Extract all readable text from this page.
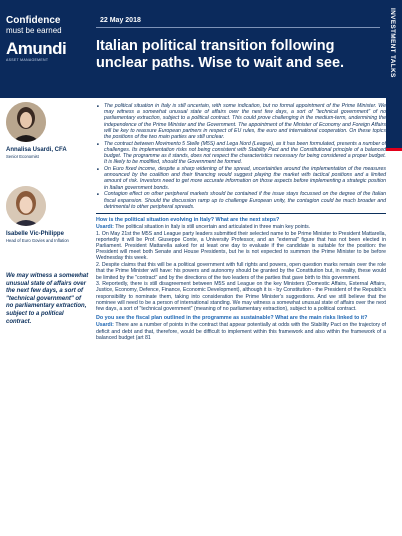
Confidence
must be earned
Amundi
ASSET MANAGEMENT
22 May 2018
Italian political transition following unclear paths. Wise to wait and see.	INVESTMENT TALKS
Annalisa Usardi, CFA
Senior Economist
Isabelle Vic-Philippe
Head of Euro Govies and Inflation
We may witness a somewhat unusual state of affairs over the next few days, a sort of "technical government" of no parliamentary extraction, subject to a political contract.
■ The political situation in Italy is still uncertain, with some indication, but no formal appointment of the Prime Minister. We may witness a somewhat unusual state of affairs over the next few days, a sort of "technical government" of no parliamentary extraction, subject to a political contract. This could prove challenging in the medium-term, undermining the independence of the Prime Minister and the Government. The appointment of the Minister of Economy and Foreign Affairs will be key to reassure European partners in respect of EU rules, the euro and international cooperation. On these topics the positions of the two main parties are still unclear.
■ The contract between Movimento 5 Stelle (M5S) and Lega Nord (League), as it has been formulated, presents a number of challenges. Its implementation risks not being consistent with Stability Pact and the Constitutional principle of a balanced budget. The programme as it stands, does not respect the characteristics necessary for being considered a proper budget. It is likely to be modified, should the Government be formed.
■ On Euro fixed income, despite a sharp widening of the spread, uncertainties around the implementation of the measures announced by the coalition and their financing would suggest playing the market with tactical positions and a limited amount of risk. Investors need to get more accurate information on those aspects before implementing a strategic position in Italian government bonds.
■ Contagion effect on other peripheral markets should be contained if the issue stays focussed on the degree of the Italian fiscal expansion. Should the discussion ramp up to challenge European unity, the contagion could be much broader and detrimental to other peripheral spreads.
How is the political situation evolving in Italy? What are the next steps?
Usardi: The political situation in Italy is still uncertain and articulated in three main key points.
1. On May 21st the M5S and League party leaders submitted their selected name to be Prime Minister to President Mattarella, reportedly it will be Prof. Giuseppe Conte, a University Professor, and an "external" figure that has not been elected in Parliament. President Mattarella asked for at least one day to evaluate if the candidate is suitable for the position: the President will meet both Senate and House Presidents, but he is not expected to summon the Prime Minister to be before Wednesday this week.
2. Despite claims that this will be a political government with full rights and powers, open question marks remain over the role that the Prime Minister will have: his powers and autonomy should be granted by the Constitution but, in reality, these would be limited by the "contract" and by the directions of the two leaders of the parties that gave birth to this government.
3. Reportedly, there is still disagreement between M5S and League on the key Ministers (Domestic Affairs, External Affairs, Justice, Economy, Defence, Finance, Economic Development), although it is - by Constitution - the President of the Republic's responsibility to nominate them, taking into consideration the Prime Minister's suggestions. And we still believe that the nominee will need to be a person of international standing. We may witness a somewhat unusual state of affairs over the next few days, a sort of "technical government" (meaning of no parliamentary extraction), subject to a political contract.
Do you see the fiscal plan outlined in the programme as sustainable? What are the main risks linked to it?
Usardi: There are a number of points in the contract that appear potentially at odds with the Stability Pact on the trajectory of deficit and debt and that, therefore, would be difficult to implement within this framework and also within the framework of a balanced budget (art 81
